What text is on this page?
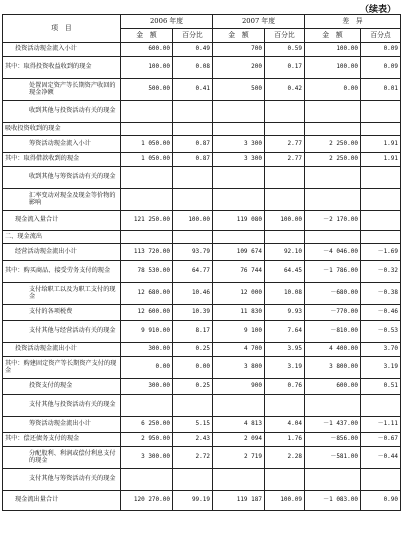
（续表）
项　目	2006 年度		2007 年度		差　异	
	金　额	百分比	金　额	百分比	金　额	百分点
投资活动现金流入小计	600.00	0.49	700	0.59	100.00	0.09
其中：取得投资收益收到的现金	100.00	0.08	200	0.17	100.00	0.09
处置固定资产等长期资产收回的现金净额	500.00	0.41	500	0.42	0.00	0.01
收到其他与投资活动有关的现金						
吸收投资收到的现金						
筹资活动现金流入小计	1 050.00	0.87	3 300	2.77	2 250.00	1.91
其中：取得借款收到的现金	1 050.00	0.87	3 300	2.77	2 250.00	1.91
收到其他与筹资活动有关的现金						
汇率变动对现金及现金等价物的影响						
现金流入量合计	121 250.00	100.00	119 080	100.00	－2 170.00	
二、现金流出						
经营活动现金流出小计	113 720.00	93.79	109 674	92.10	－4 046.00	－1.69
其中：购买商品、接受劳务支付的现金	78 530.00	64.77	76 744	64.45	－1 786.00	－0.32
支付给职工以及为职工支付的现金	12 680.00	10.46	12 000	10.08	－680.00	－0.38
支付的各项税费	12 600.00	10.39	11 830	9.93	－770.00	－0.46
支付其他与经营活动有关的现金	9 910.00	8.17	9 100	7.64	－810.00	－0.53
投资活动现金流出小计	300.00	0.25	4 700	3.95	4 400.00	3.70
其中：购建固定资产等长期资产支付的现金	0.00	0.00	3 800	3.19	3 800.00	3.19
投资支付的现金	300.00	0.25	900	0.76	600.00	0.51
支付其他与投资活动有关的现金						
筹资活动现金流出小计	6 250.00	5.15	4 813	4.04	－1 437.00	－1.11
其中：偿还债务支付的现金	2 950.00	2.43	2 094	1.76	－856.00	－0.67
分配股利、利润或偿付利息支付的现金	3 300.00	2.72	2 719	2.28	－581.00	－0.44
支付其他与筹资活动有关的现金						
现金流出量合计	120 270.00	99.19	119 187	100.09	－1 083.00	0.90
